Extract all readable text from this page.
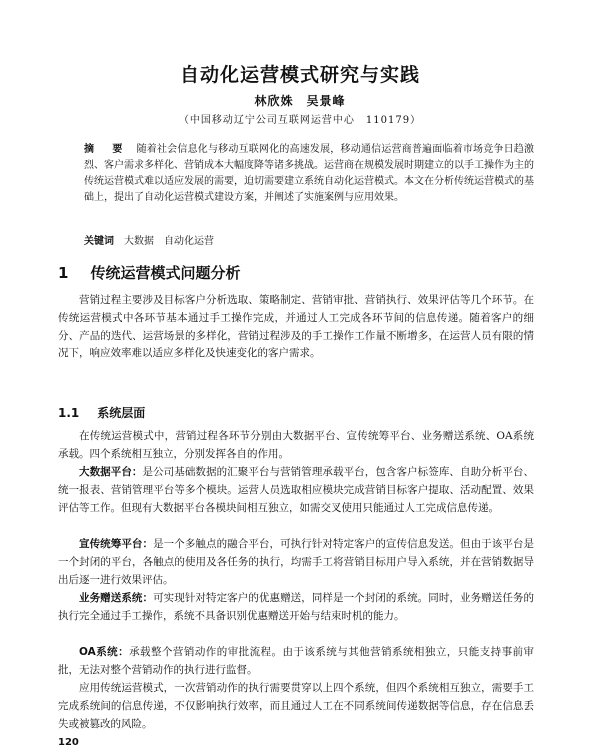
自动化运营模式研究与实践
林欣姝　吴景峰
（中国移动辽宁公司互联网运营中心　110179）
摘　要 随着社会信息化与移动互联网化的高速发展，移动通信运营商普遍面临着市场竞争日趋激烈、客户需求多样化、营销成本大幅度降等诸多挑战。运营商在规模发展时期建立的以手工操作为主的传统运营模式难以适应发展的需要，迫切需要建立系统自动化运营模式。本文在分析传统运营模式的基础上，提出了自动化运营模式建设方案，并阐述了实施案例与应用效果。
关键词 大数据　自动化运营
1 传统运营模式问题分析
营销过程主要涉及目标客户分析选取、策略制定、营销审批、营销执行、效果评估等几个环节。在传统运营模式中各环节基本通过手工操作完成，并通过人工完成各环节间的信息传递。随着客户的细分、产品的迭代、运营场景的多样化，营销过程涉及的手工操作工作量不断增多，在运营人员有限的情况下，响应效率难以适应多样化及快速变化的客户需求。
1.1 系统层面
在传统运营模式中，营销过程各环节分别由大数据平台、宣传统筹平台、业务赠送系统、OA系统承载。四个系统相互独立，分别发挥各自的作用。
大数据平台：是公司基础数据的汇聚平台与营销管理承载平台，包含客户标签库、自助分析平台、统一报表、营销管理平台等多个模块。运营人员选取相应模块完成营销目标客户提取、活动配置、效果评估等工作。但现有大数据平台各模块间相互独立，如需交叉使用只能通过人工完成信息传递。
宣传统筹平台：是一个多触点的融合平台，可执行针对特定客户的宣传信息发送。但由于该平台是一个封闭的平台，各触点的使用及各任务的执行，均需手工将营销目标用户导入系统，并在营销数据导出后逐一进行效果评估。
业务赠送系统：可实现针对特定客户的优惠赠送，同样是一个封闭的系统。同时，业务赠送任务的执行完全通过手工操作，系统不具备识别优惠赠送开始与结束时机的能力。
OA系统：承载整个营销动作的审批流程。由于该系统与其他营销系统相独立，只能支持事前审批，无法对整个营销动作的执行进行监督。
应用传统运营模式，一次营销动作的执行需要贯穿以上四个系统，但四个系统相互独立，需要手工完成系统间的信息传递，不仅影响执行效率，而且通过人工在不同系统间传递数据等信息，存在信息丢失或被篡改的风险。
120
